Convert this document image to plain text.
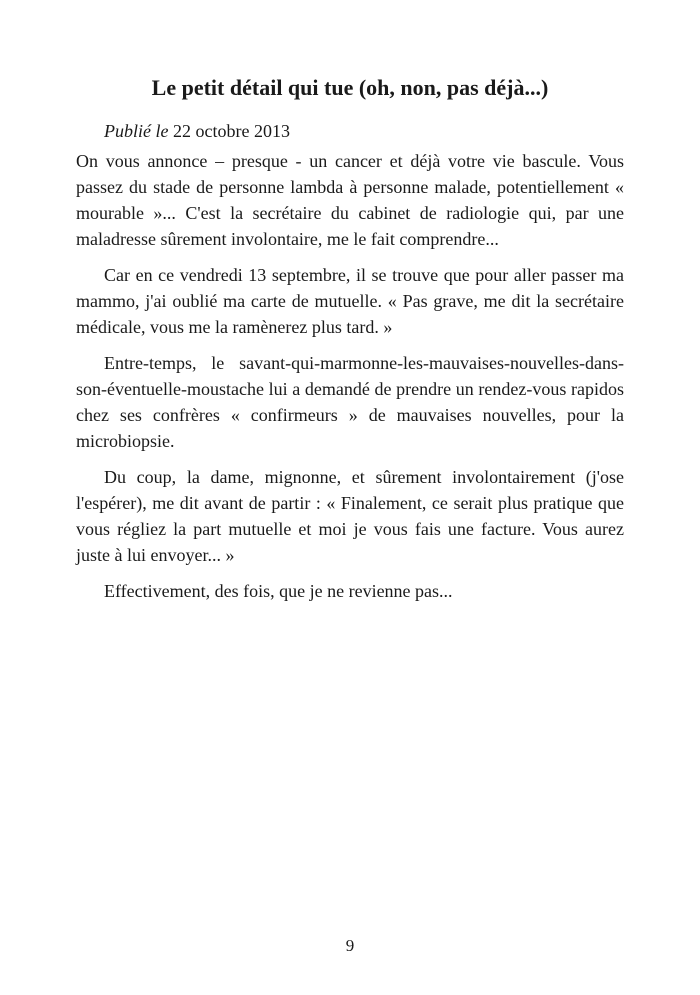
Le petit détail qui tue (oh, non, pas déjà...)
Publié le 22 octobre 2013
On vous annonce – presque - un cancer et déjà votre vie bascule. Vous passez du stade de personne lambda à personne malade, potentiellement « mourable »... C'est la secrétaire du cabinet de radiologie qui, par une maladresse sûrement involontaire, me le fait comprendre...
Car en ce vendredi 13 septembre, il se trouve que pour aller passer ma mammo, j'ai oublié ma carte de mutuelle. « Pas grave, me dit la secrétaire médicale, vous me la ramènerez plus tard. »
Entre-temps, le savant-qui-marmonne-les-mauvaises-nouvelles-dans-son-éventuelle-moustache lui a demandé de prendre un rendez-vous rapidos chez ses confrères « confirmeurs » de mauvaises nouvelles, pour la microbiopsie.
Du coup, la dame, mignonne, et sûrement involontairement (j'ose l'espérer), me dit avant de partir : « Finalement, ce serait plus pratique que vous régliez la part mutuelle et moi je vous fais une facture. Vous aurez juste à lui envoyer... »
Effectivement, des fois, que je ne revienne pas...
9
